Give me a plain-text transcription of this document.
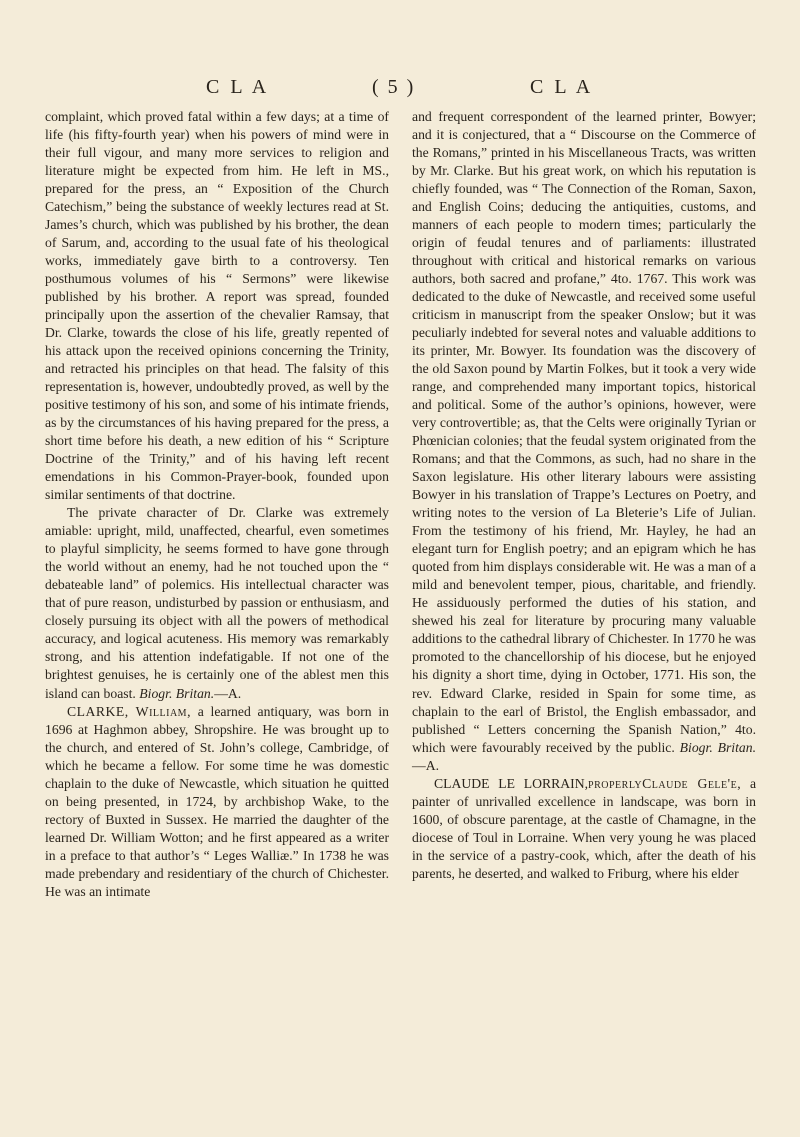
C L A	( 5 )	C L A

complaint, which proved fatal within a few days; at a time of life (his fifty-fourth year) when his powers of mind were in their full vigour, and many more services to religion and literature might be expected from him. He left in MS., prepared for the press, an “ Exposition of the Church Catechism,” being the substance of weekly lectures read at St. James’s church, which was published by his brother, the dean of Sarum, and, according to the usual fate of his theological works, immediately gave birth to a controversy. Ten posthumous volumes of his “ Sermons” were likewise published by his brother. A report was spread, founded principally upon the assertion of the chevalier Ramsay, that Dr. Clarke, towards the close of his life, greatly repented of his attack upon the received opinions concerning the Trinity, and retracted his principles on that head. The falsity of this representation is, however, undoubtedly proved, as well by the positive testimony of his son, and some of his intimate friends, as by the circumstances of his having prepared for the press, a short time before his death, a new edition of his “ Scripture Doctrine of the Trinity,” and of his having left recent emendations in his Common-Prayer-book, founded upon similar sentiments of that doctrine.

The private character of Dr. Clarke was extremely amiable: upright, mild, unaffected, chearful, even sometimes to playful simplicity, he seems formed to have gone through the world without an enemy, had he not touched upon the “ debateable land” of polemics. His intellectual character was that of pure reason, undisturbed by passion or enthusiasm, and closely pursuing its object with all the powers of methodical accuracy, and logical acuteness. His memory was remarkably strong, and his attention indefatigable. If not one of the brightest genuises, he is certainly one of the ablest men this island can boast. Biogr. Britan.—A.

CLARKE, William, a learned antiquary, was born in 1696 at Haghmon abbey, Shropshire. He was brought up to the church, and entered of St. John’s college, Cambridge, of which he became a fellow. For some time he was domestic chaplain to the duke of Newcastle, which situation he quitted on being presented, in 1724, by archbishop Wake, to the rectory of Buxted in Sussex. He married the daughter of the learned Dr. William Wotton; and he first appeared as a writer in a preface to that author’s “ Leges Walliæ.” In 1738 he was made prebendary and residentiary of the church of Chichester. He was an intimate

and frequent correspondent of the learned printer, Bowyer; and it is conjectured, that a “ Discourse on the Commerce of the Romans,” printed in his Miscellaneous Tracts, was written by Mr. Clarke. But his great work, on which his reputation is chiefly founded, was “ The Connection of the Roman, Saxon, and English Coins; deducing the antiquities, customs, and manners of each people to modern times; particularly the origin of feudal tenures and of parliaments: illustrated throughout with critical and historical remarks on various authors, both sacred and profane,” 4to. 1767. This work was dedicated to the duke of Newcastle, and received some useful criticism in manuscript from the speaker Onslow; but it was peculiarly indebted for several notes and valuable additions to its printer, Mr. Bowyer. Its foundation was the discovery of the old Saxon pound by Martin Folkes, but it took a very wide range, and comprehended many important topics, historical and political. Some of the author’s opinions, however, were very controvertible; as, that the Celts were originally Tyrian or Phœnician colonies; that the feudal system originated from the Romans; and that the Commons, as such, had no share in the Saxon legislature. His other literary labours were assisting Bowyer in his translation of Trappe’s Lectures on Poetry, and writing notes to the version of La Bleterie’s Life of Julian. From the testimony of his friend, Mr. Hayley, he had an elegant turn for English poetry; and an epigram which he has quoted from him displays considerable wit. He was a man of a mild and benevolent temper, pious, charitable, and friendly. He assiduously performed the duties of his station, and shewed his zeal for literature by procuring many valuable additions to the cathedral library of Chichester. In 1770 he was promoted to the chancellorship of his diocese, but he enjoyed his dignity a short time, dying in October, 1771. His son, the rev. Edward Clarke, resided in Spain for some time, as chaplain to the earl of Bristol, the English embassador, and published “ Letters concerning the Spanish Nation,” 4to. which were favourably received by the public. Biogr. Britan.—A.

CLAUDE LE LORRAIN,properlyClaude Gele'e, a painter of unrivalled excellence in landscape, was born in 1600, of obscure parentage, at the castle of Chamagne, in the diocese of Toul in Lorraine. When very young he was placed in the service of a pastry-cook, which, after the death of his parents, he deserted, and walked to Friburg, where his elder
